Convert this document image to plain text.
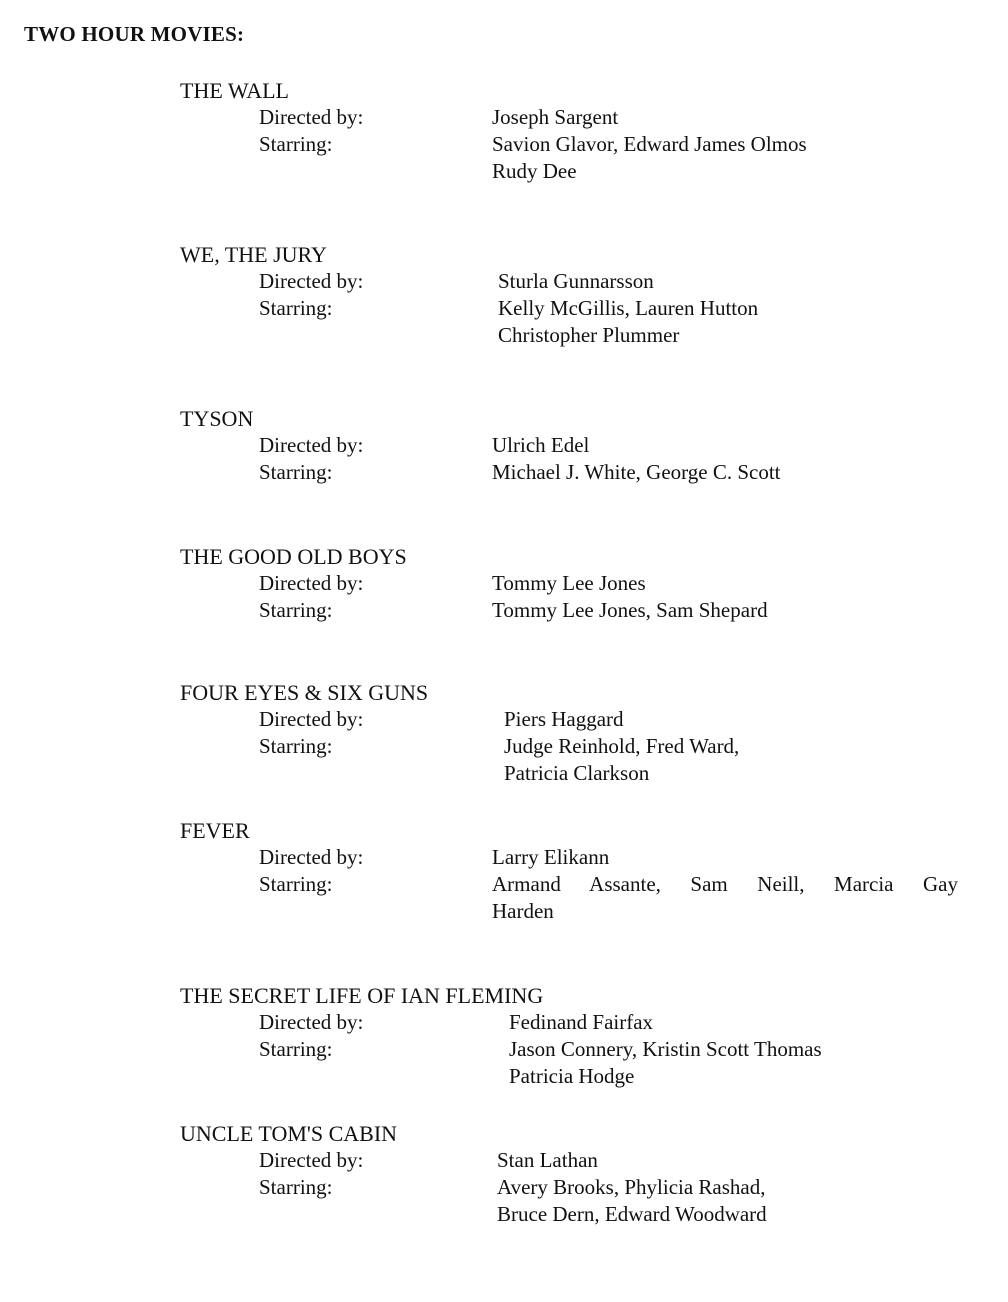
TWO HOUR MOVIES:
THE WALL
Directed by:	Joseph Sargent
Starring:	Savion Glavor, Edward James Olmos
Rudy Dee
WE, THE JURY
Directed by:	Sturla Gunnarsson
Starring:	Kelly McGillis, Lauren Hutton
Christopher Plummer
TYSON
Directed by:	Ulrich Edel
Starring:	Michael J. White, George C. Scott
THE GOOD OLD BOYS
Directed by:	Tommy Lee Jones
Starring:	Tommy Lee Jones, Sam Shepard
FOUR EYES & SIX GUNS
Directed by:	Piers Haggard
Starring:	Judge Reinhold, Fred Ward,
Patricia Clarkson
FEVER
Directed by:	Larry Elikann
Starring:	Armand Assante, Sam Neill, Marcia Gay
Harden
THE SECRET LIFE OF IAN FLEMING
Directed by:	Fedinand Fairfax
Starring:	Jason Connery, Kristin Scott Thomas
Patricia Hodge
UNCLE TOM'S CABIN
Directed by:	Stan Lathan
Starring:	Avery Brooks, Phylicia Rashad,
Bruce Dern, Edward Woodward
